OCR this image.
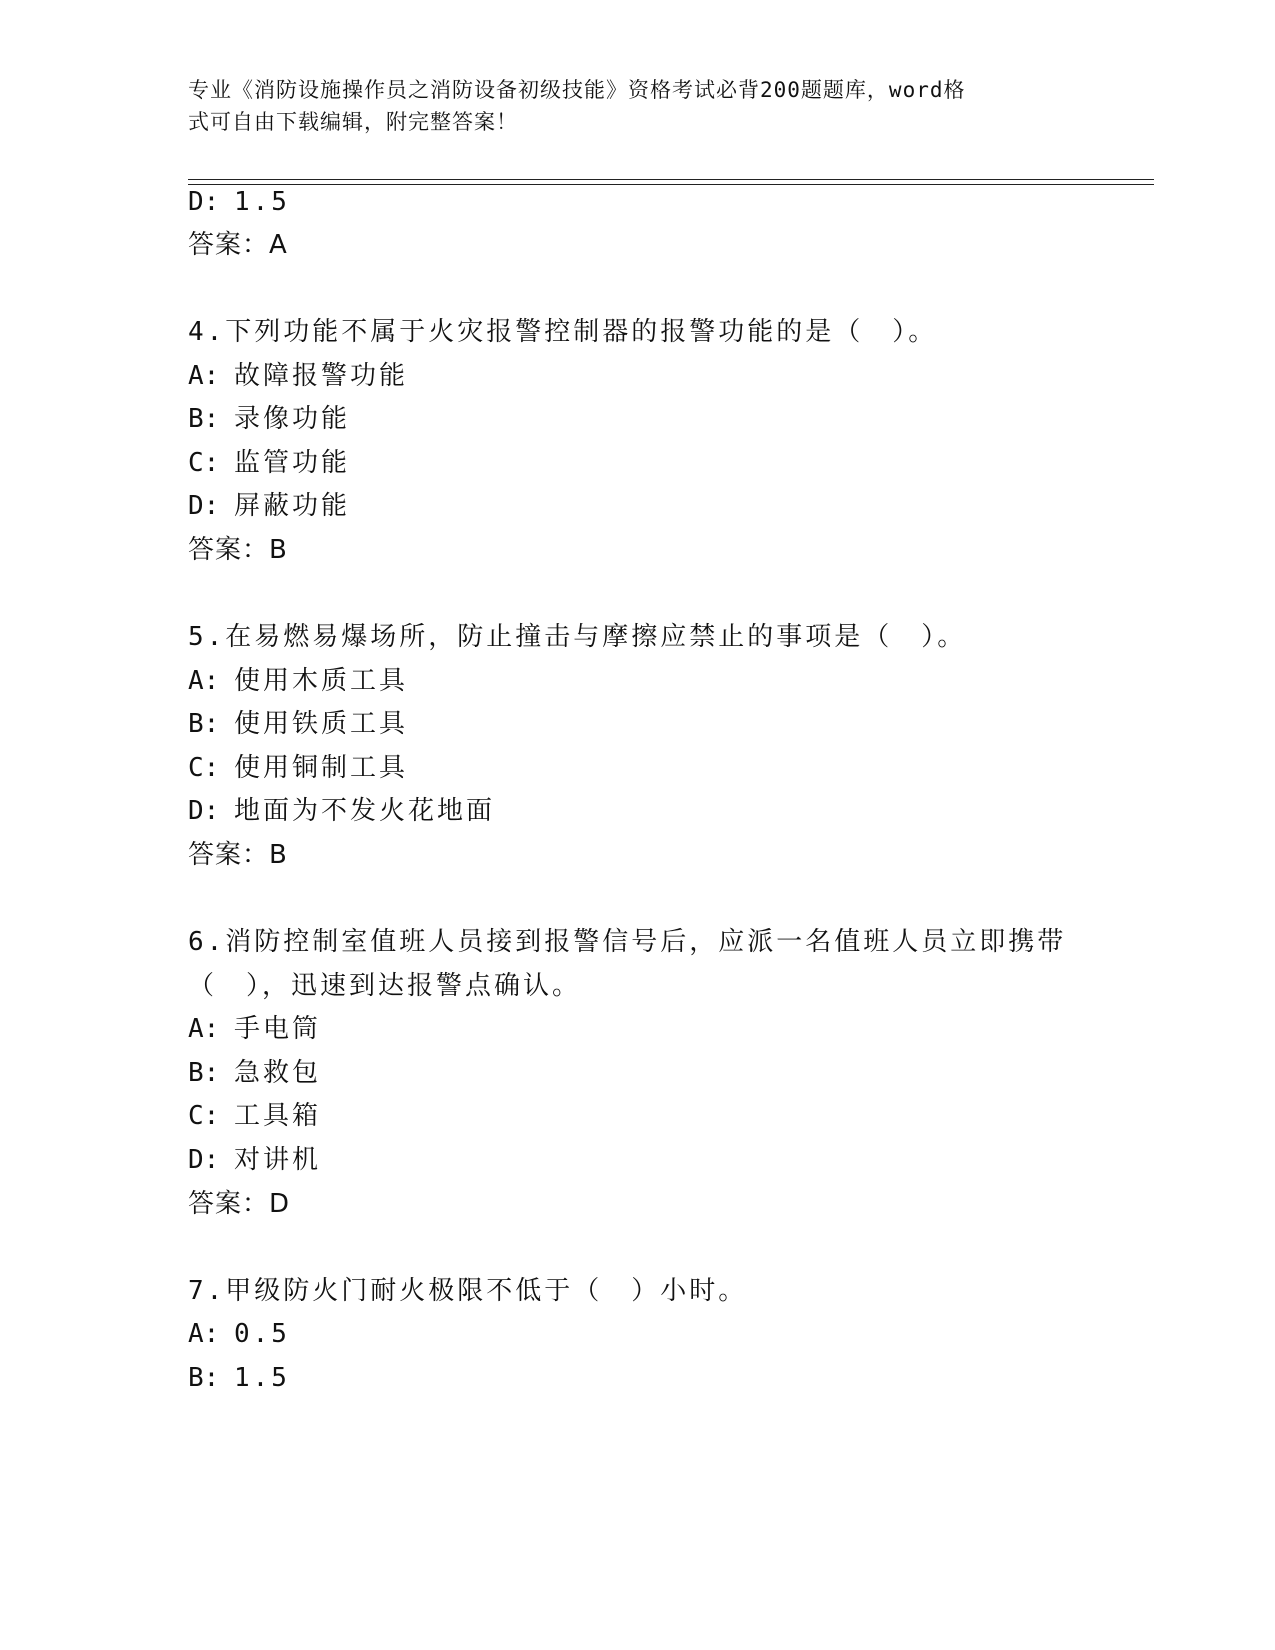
专业《消防设施操作员之消防设备初级技能》资格考试必背200题题库，word格
式可自由下载编辑，附完整答案！
D: 1.5
答案：A
4.下列功能不属于火灾报警控制器的报警功能的是（　）。
A: 故障报警功能
B: 录像功能
C: 监管功能
D: 屏蔽功能
答案：B
5.在易燃易爆场所，防止撞击与摩擦应禁止的事项是（　）。
A: 使用木质工具
B: 使用铁质工具
C: 使用铜制工具
D: 地面为不发火花地面
答案：B
6.消防控制室值班人员接到报警信号后，应派一名值班人员立即携带
（　），迅速到达报警点确认。
A: 手电筒
B: 急救包
C: 工具箱
D: 对讲机
答案：D
7.甲级防火门耐火极限不低于（　）小时。
A: 0.5
B: 1.5
